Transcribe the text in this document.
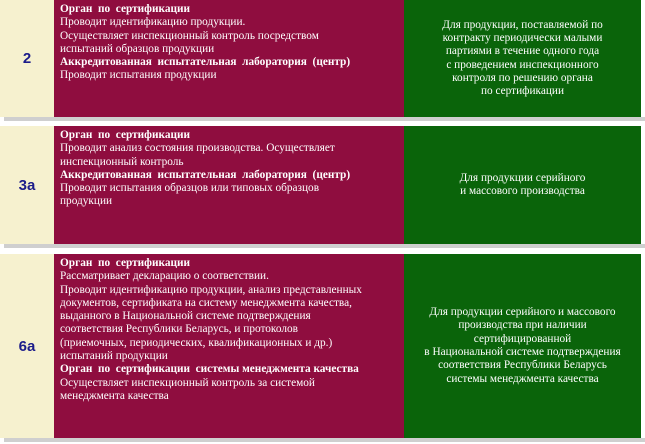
2
Орган  по  сертификации
Проводит идентификацию продукции.
Осуществляет инспекционный контроль посредством
испытаний образцов продукции
Аккредитованная  испытательная  лаборатория  (центр)
Проводит испытания продукции
Для продукции, поставляемой по
контракту периодически малыми
партиями в течение одного года
с проведением инспекционного
контроля по решению органа
по сертификации
3а
Орган  по  сертификации
Проводит анализ состояния производства. Осуществляет
инспекционный контроль
Аккредитованная  испытательная  лаборатория  (центр)
Проводит испытания образцов или типовых образцов
продукции
Для продукции серийного
и массового производства
6а
Орган  по  сертификации
Рассматривает декларацию о соответствии.
Проводит идентификацию продукции, анализ представленных
документов, сертификата на систему менеджмента качества,
выданного в Национальной системе подтверждения
соответствия Республики Беларусь, и протоколов
(приемочных, периодических, квалификационных и др.)
испытаний продукции
Орган  по  сертификации  системы менеджмента качества
Осуществляет инспекционный контроль за системой
менеджмента качества
Для продукции серийного и массового
производства при наличии
сертифицированной
в Национальной системе подтверждения
соответствия Республики Беларусь
системы менеджмента качества
